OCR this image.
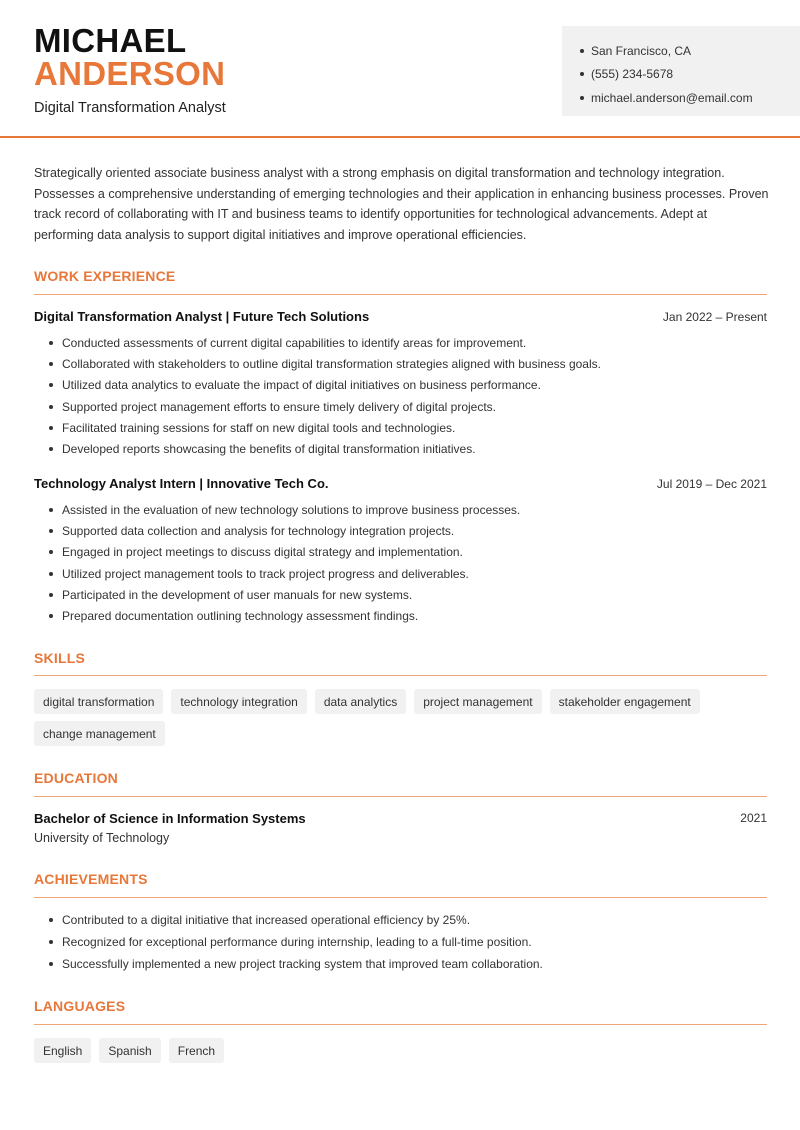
MICHAEL
ANDERSON
Digital Transformation Analyst
San Francisco, CA
(555) 234-5678
michael.anderson@email.com

Strategically oriented associate business analyst with a strong emphasis on digital transformation and technology integration. Possesses a comprehensive understanding of emerging technologies and their application in enhancing business processes. Proven track record of collaborating with IT and business teams to identify opportunities for technological advancements. Adept at performing data analysis to support digital initiatives and improve operational efficiencies.

WORK EXPERIENCE
Digital Transformation Analyst | Future Tech Solutions	Jan 2022 – Present
Conducted assessments of current digital capabilities to identify areas for improvement.
Collaborated with stakeholders to outline digital transformation strategies aligned with business goals.
Utilized data analytics to evaluate the impact of digital initiatives on business performance.
Supported project management efforts to ensure timely delivery of digital projects.
Facilitated training sessions for staff on new digital tools and technologies.
Developed reports showcasing the benefits of digital transformation initiatives.
Technology Analyst Intern | Innovative Tech Co.	Jul 2019 – Dec 2021
Assisted in the evaluation of new technology solutions to improve business processes.
Supported data collection and analysis for technology integration projects.
Engaged in project meetings to discuss digital strategy and implementation.
Utilized project management tools to track project progress and deliverables.
Participated in the development of user manuals for new systems.
Prepared documentation outlining technology assessment findings.
SKILLS
digital transformation	technology integration	data analytics	project management	stakeholder engagement
change management
EDUCATION
Bachelor of Science in Information Systems	2021
University of Technology
ACHIEVEMENTS
Contributed to a digital initiative that increased operational efficiency by 25%.
Recognized for exceptional performance during internship, leading to a full-time position.
Successfully implemented a new project tracking system that improved team collaboration.
LANGUAGES
English	Spanish	French
